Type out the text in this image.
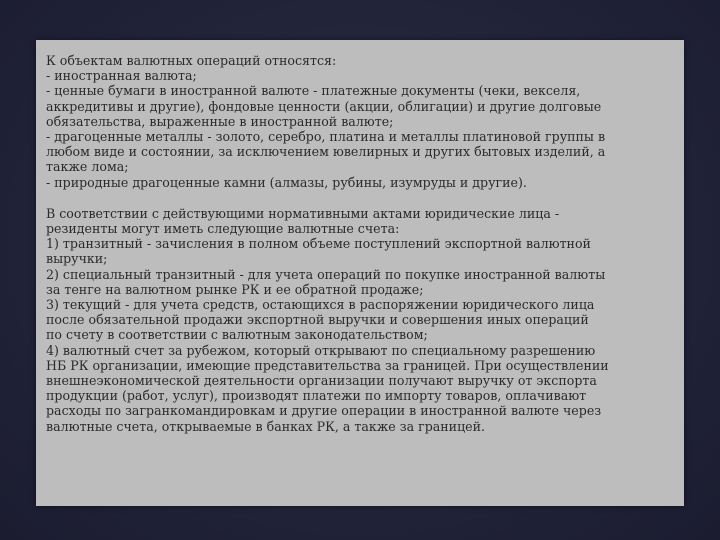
К объектам валютных операций относятся:
- иностранная валюта;
- ценные бумаги в иностранной валюте - платежные документы (чеки, векселя,
аккредитивы и другие), фондовые ценности (акции, облигации) и другие долговые
обязательства, выраженные в иностранной валюте;
- драгоценные металлы - золото, серебро, платина и металлы платиновой группы в
любом виде и состоянии, за исключением ювелирных и других бытовых изделий, а
также лома;
- природные драгоценные камни (алмазы, рубины, изумруды и другие).
В соответствии с действующими нормативными актами юридические лица -
резиденты могут иметь следующие валютные счета:
1) транзитный - зачисления в полном объеме поступлений экспортной валютной
выручки;
2) специальный транзитный - для учета операций по покупке иностранной валюты
за тенге на валютном рынке РК и ее обратной продаже;
3) текущий - для учета средств, остающихся в распоряжении юридического лица
после обязательной продажи экспортной выручки и совершения иных операций
по счету в соответствии с валютным законодательством;
4) валютный счет за рубежом, который открывают по специальному разрешению
НБ РК организации, имеющие представительства за границей. При осуществлении
внешнеэкономической деятельности организации получают выручку от экспорта
продукции (работ, услуг), производят платежи по импорту товаров, оплачивают
расходы по загранкомандировкам и другие операции в иностранной валюте через
валютные счета, открываемые в банках РК, а также за границей.
